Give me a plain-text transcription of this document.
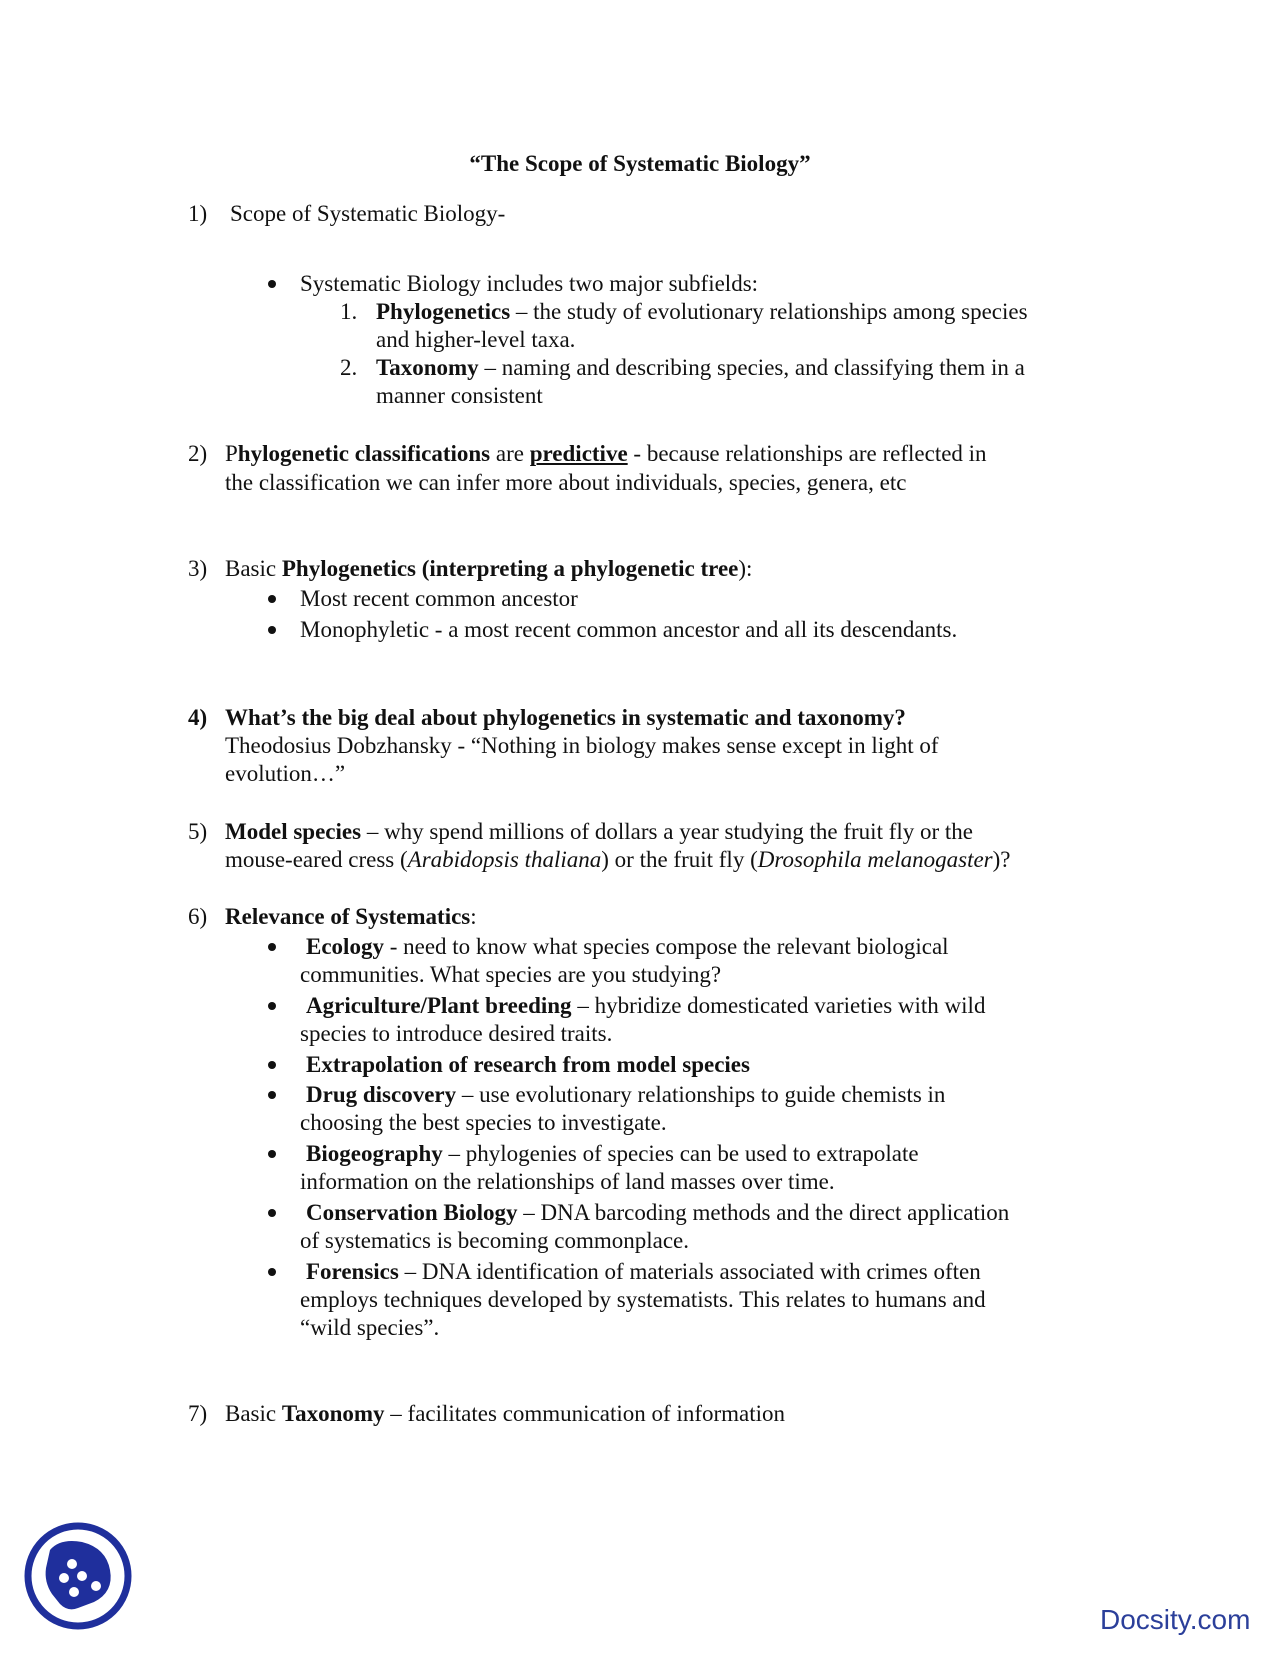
“The Scope of Systematic Biology”
1) Scope of Systematic Biology-
Systematic Biology includes two major subfields:
1. Phylogenetics – the study of evolutionary relationships among species
and higher-level taxa.
2. Taxonomy – naming and describing species, and classifying them in a
manner consistent
2) Phylogenetic classifications are predictive - because relationships are reflected in
the classification we can infer more about individuals, species, genera, etc
3) Basic Phylogenetics (interpreting a phylogenetic tree):
Most recent common ancestor
Monophyletic - a most recent common ancestor and all its descendants.
4) What’s the big deal about phylogenetics in systematic and taxonomy?
Theodosius Dobzhansky - “Nothing in biology makes sense except in light of
evolution…”
5) Model species – why spend millions of dollars a year studying the fruit fly or the
mouse-eared cress (Arabidopsis thaliana) or the fruit fly (Drosophila melanogaster)?
6) Relevance of Systematics:
Ecology - need to know what species compose the relevant biological
communities. What species are you studying?
Agriculture/Plant breeding – hybridize domesticated varieties with wild
species to introduce desired traits.
Extrapolation of research from model species
Drug discovery – use evolutionary relationships to guide chemists in
choosing the best species to investigate.
Biogeography – phylogenies of species can be used to extrapolate
information on the relationships of land masses over time.
Conservation Biology – DNA barcoding methods and the direct application
of systematics is becoming commonplace.
Forensics – DNA identification of materials associated with crimes often
employs techniques developed by systematists. This relates to humans and
“wild species”.
7) Basic Taxonomy – facilitates communication of information
Docsity.com
